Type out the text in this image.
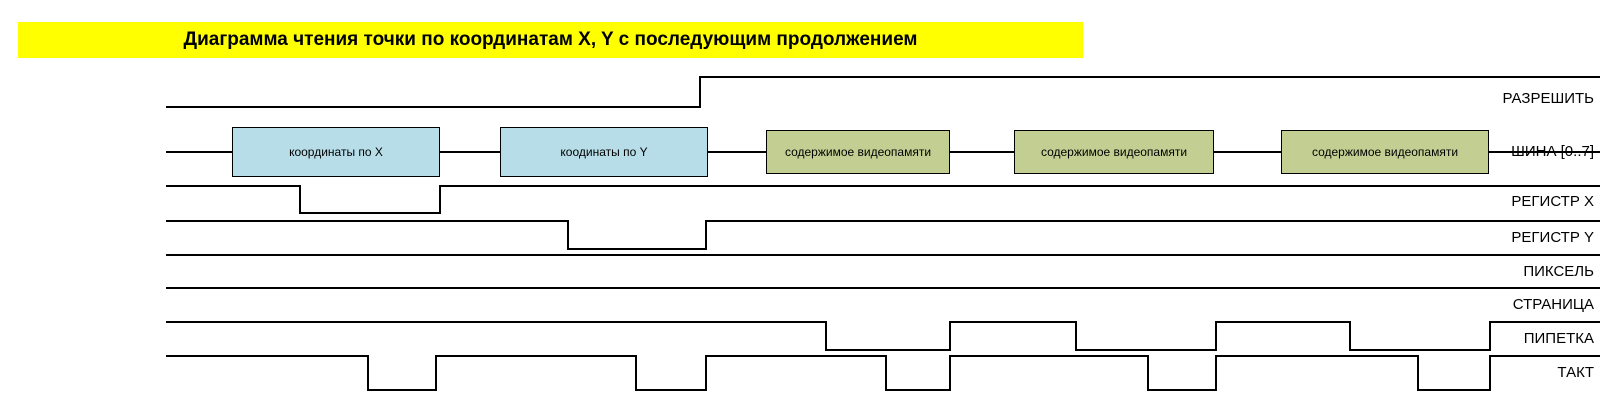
Диаграмма чтения точки по координатам X, Y с последующим продолжением
РАЗРЕШИТЬ
ШИНА [0..7]
РЕГИСТР X
РЕГИСТР Y
ПИКСЕЛЬ
СТРАНИЦА
ПИПЕТКА
ТАКТ
координаты по X	коодинаты по Y	содержимое видеопамяти	содержимое видеопамяти	содержимое видеопамяти
